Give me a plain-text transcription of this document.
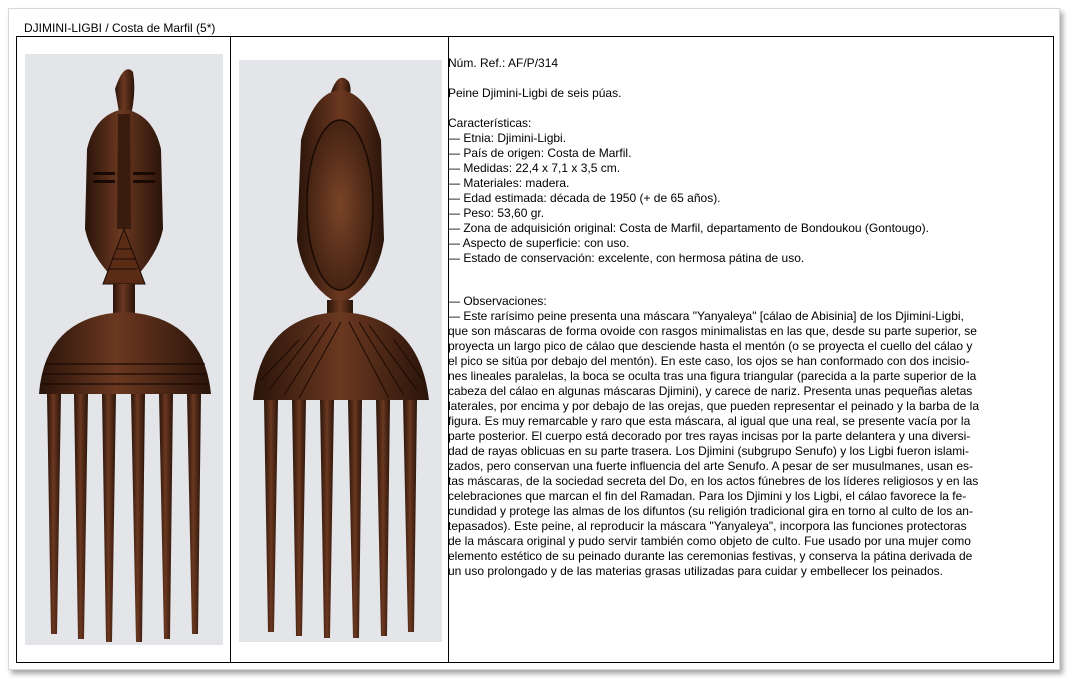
DJIMINI-LIGBI / Costa de Marfil (5*)

Núm. Ref.: AF/P/314

Peine Djimini-Ligbi de seis púas.

Características:

— Etnia: Djimini-Ligbi.

— País de origen: Costa de Marfil.

— Medidas: 22,4 x 7,1 x 3,5 cm.

— Materiales: madera.

— Edad estimada: década de 1950 (+ de 65 años).

— Peso: 53,60 gr.

— Zona de adquisición original: Costa de Marfil, departamento de Bondoukou (Gontougo).

— Aspecto de superficie: con uso.

— Estado de conservación: excelente, con hermosa pátina de uso.

— Observaciones:

— Este rarísimo peine presenta una máscara "Yanyaleya" [cálao de Abisinia] de los Djimini-Ligbi,

que son máscaras de forma ovoide con rasgos minimalistas en las que, desde su parte superior, se

proyecta un largo pico de cálao que desciende hasta el mentón (o se proyecta el cuello del cálao y

el pico se sitúa por debajo del mentón). En este caso, los ojos se han conformado con dos incisio-

nes lineales paralelas, la boca se oculta tras una figura triangular (parecida a la parte superior de la

cabeza del cálao en algunas máscaras Djimini), y carece de nariz. Presenta unas pequeñas aletas

laterales, por encima y por debajo de las orejas, que pueden representar el peinado y la barba de la

figura. Es muy remarcable y raro que esta máscara, al igual que una real, se presente vacía por la

parte posterior. El cuerpo está decorado por tres rayas incisas por la parte delantera y una diversi-

dad de rayas oblicuas en su parte trasera. Los Djimini (subgrupo Senufo) y los Ligbi fueron islami-

zados, pero conservan una fuerte influencia del arte Senufo. A pesar de ser musulmanes, usan es-

tas máscaras, de la sociedad secreta del Do, en los actos fúnebres de los líderes religiosos y en las

celebraciones que marcan el fin del Ramadan. Para los Djimini y los Ligbi, el cálao favorece la fe-

cundidad y protege las almas de los difuntos (su religión tradicional gira en torno al culto de los an-

tepasados). Este peine, al reproducir la máscara "Yanyaleya", incorpora las funciones protectoras

de la máscara original y pudo servir también como objeto de culto. Fue usado por una mujer como

elemento estético de su peinado durante las ceremonias festivas, y conserva la pátina derivada de

un uso prolongado y de las materias grasas utilizadas para cuidar y embellecer los peinados.
